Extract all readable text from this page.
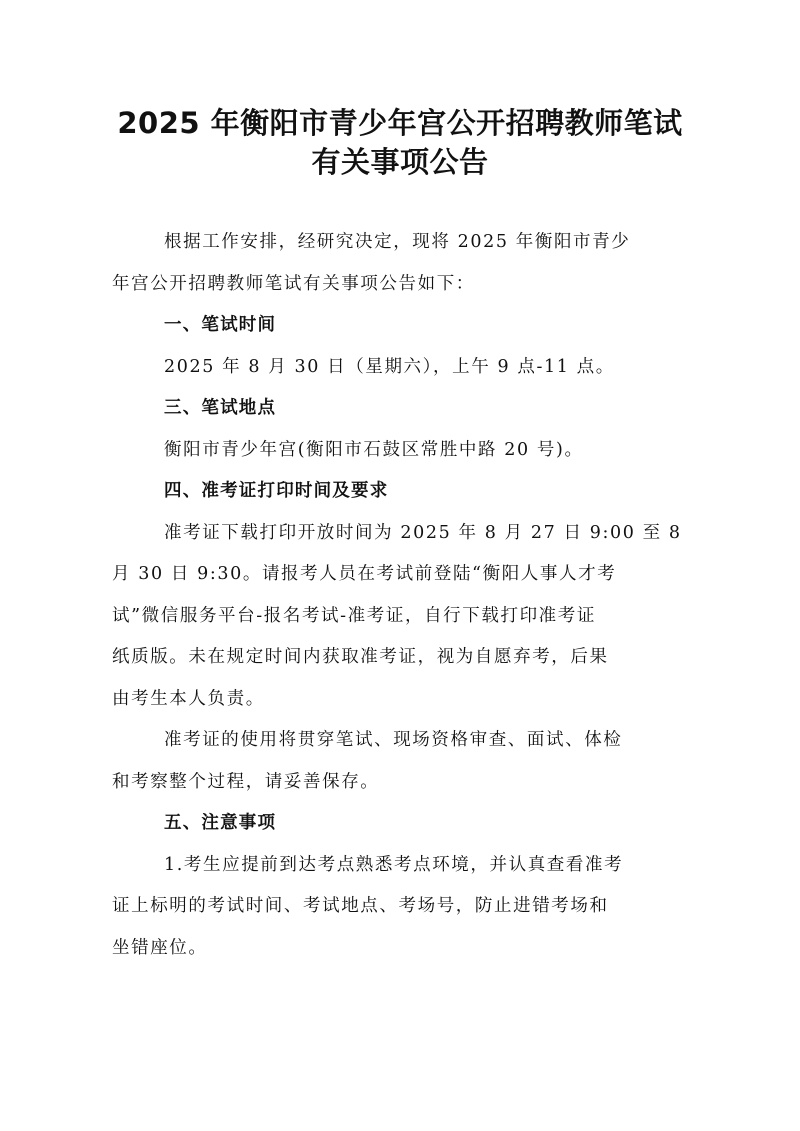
2025 年衡阳市青少年宫公开招聘教师笔试
有关事项公告
根据工作安排，经研究决定，现将 2025 年衡阳市青少
年宫公开招聘教师笔试有关事项公告如下：
一、笔试时间
2025 年 8 月 30 日（星期六），上午 9 点-11 点。
三、笔试地点
衡阳市青少年宫(衡阳市石鼓区常胜中路 20 号)。
四、准考证打印时间及要求
准考证下载打印开放时间为 2025 年 8 月 27 日 9:00 至 8
月 30 日 9:30。请报考人员在考试前登陆“衡阳人事人才考
试”微信服务平台-报名考试-准考证，自行下载打印准考证
纸质版。未在规定时间内获取准考证，视为自愿弃考，后果
由考生本人负责。
准考证的使用将贯穿笔试、现场资格审查、面试、体检
和考察整个过程，请妥善保存。
五、注意事项
1.考生应提前到达考点熟悉考点环境，并认真查看准考
证上标明的考试时间、考试地点、考场号，防止进错考场和
坐错座位。
